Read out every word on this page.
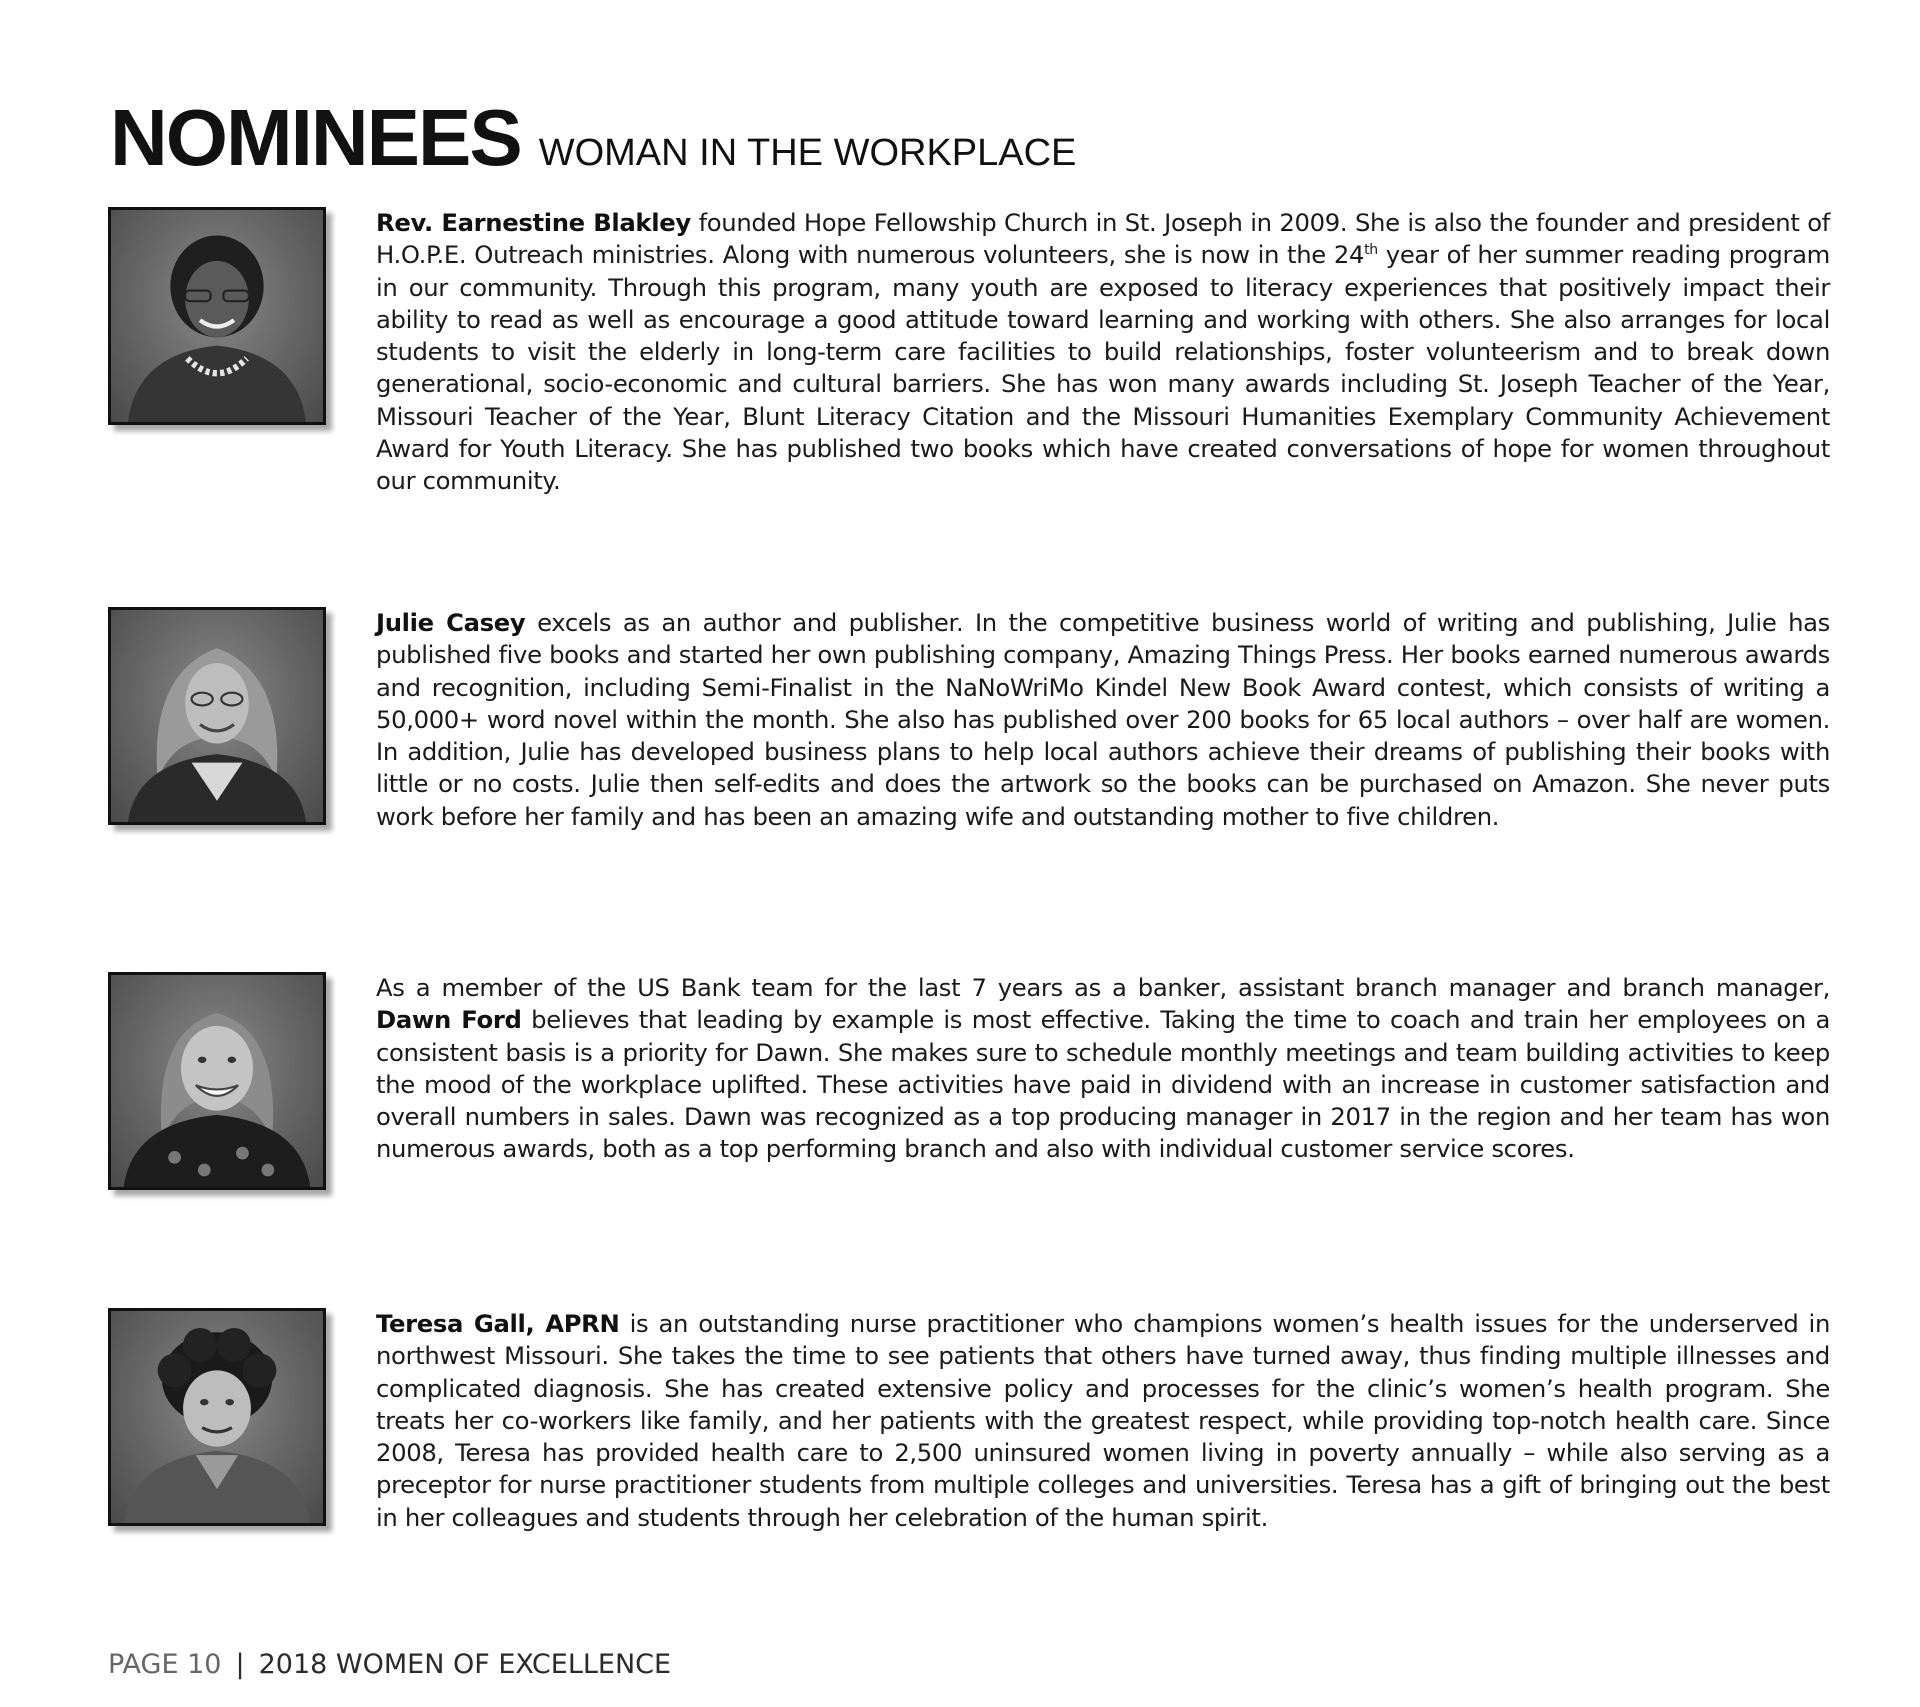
NOMINEES WOMAN IN THE WORKPLACE

Rev. Earnestine Blakley founded Hope Fellowship Church in St. Joseph in 2009. She is also the founder and president of H.O.P.E. Outreach ministries. Along with numerous volunteers, she is now in the 24th year of her summer reading program in our community. Through this program, many youth are exposed to literacy experiences that positively impact their ability to read as well as encourage a good attitude toward learning and working with others. She also arranges for local students to visit the elderly in long-term care facilities to build relationships, foster volunteerism and to break down generational, socio-economic and cultural barriers. She has won many awards including St. Joseph Teacher of the Year, Missouri Teacher of the Year, Blunt Literacy Citation and the Missouri Humanities Exemplary Community Achievement Award for Youth Literacy. She has published two books which have created conversations of hope for women throughout our community.

Julie Casey excels as an author and publisher. In the competitive business world of writing and publishing, Julie has published five books and started her own publishing company, Amazing Things Press. Her books earned numerous awards and recognition, including Semi-Finalist in the NaNoWriMo Kindel New Book Award contest, which consists of writing a 50,000+ word novel within the month. She also has published over 200 books for 65 local authors – over half are women. In addition, Julie has developed business plans to help local authors achieve their dreams of publishing their books with little or no costs. Julie then self-edits and does the artwork so the books can be purchased on Amazon. She never puts work before her family and has been an amazing wife and outstanding mother to five children.

As a member of the US Bank team for the last 7 years as a banker, assistant branch manager and branch manager, Dawn Ford believes that leading by example is most effective. Taking the time to coach and train her employees on a consistent basis is a priority for Dawn. She makes sure to schedule monthly meetings and team building activities to keep the mood of the workplace uplifted. These activities have paid in dividend with an increase in customer satisfaction and overall numbers in sales. Dawn was recognized as a top producing manager in 2017 in the region and her team has won numerous awards, both as a top performing branch and also with individual customer service scores.

Teresa Gall, APRN is an outstanding nurse practitioner who champions women’s health issues for the underserved in northwest Missouri. She takes the time to see patients that others have turned away, thus finding multiple illnesses and complicated diagnosis. She has created extensive policy and processes for the clinic’s women’s health program. She treats her co-workers like family, and her patients with the greatest respect, while providing top-notch health care. Since 2008, Teresa has provided health care to 2,500 uninsured women living in poverty annually – while also serving as a preceptor for nurse practitioner students from multiple colleges and universities. Teresa has a gift of bringing out the best in her colleagues and students through her celebration of the human spirit.

PAGE 10 | 2018 WOMEN OF EXCELLENCE
